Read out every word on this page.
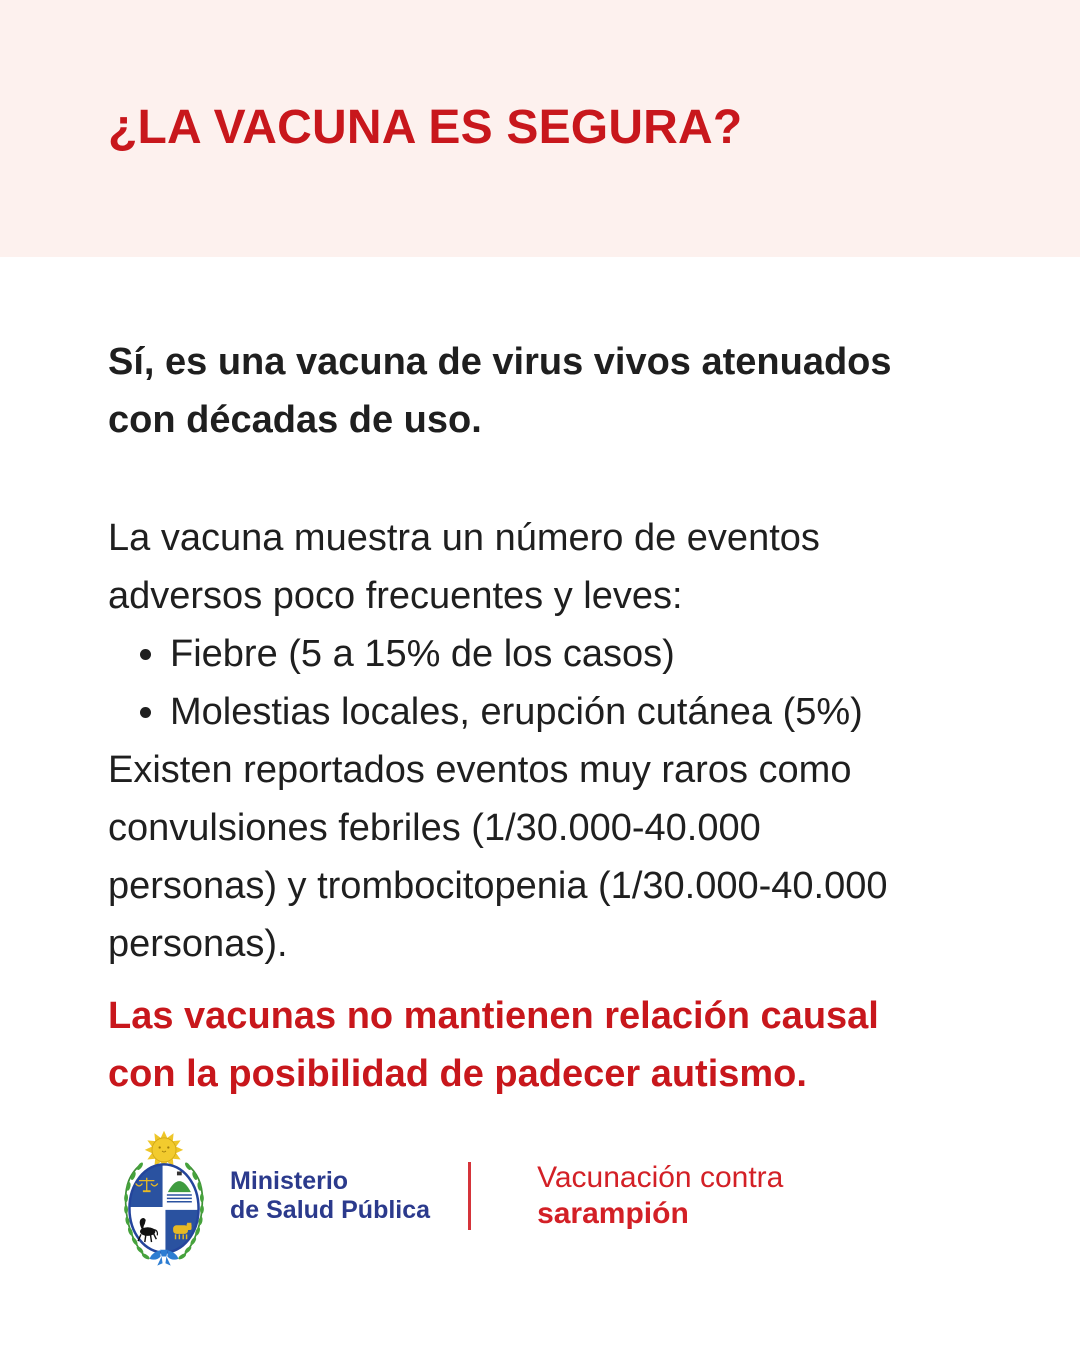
¿LA VACUNA ES SEGURA?
Sí, es una vacuna de virus vivos atenuados
con décadas de uso.
La vacuna muestra un número de eventos
adversos poco frecuentes y leves:
Fiebre (5 a 15% de los casos)
Molestias locales, erupción cutánea (5%)
Existen reportados eventos muy raros como
convulsiones febriles (1/30.000-40.000
personas) y trombocitopenia (1/30.000-40.000
personas).
Las vacunas no mantienen relación causal
con la posibilidad de padecer autismo.
Ministerio
de Salud Pública
Vacunación contra
sarampión
